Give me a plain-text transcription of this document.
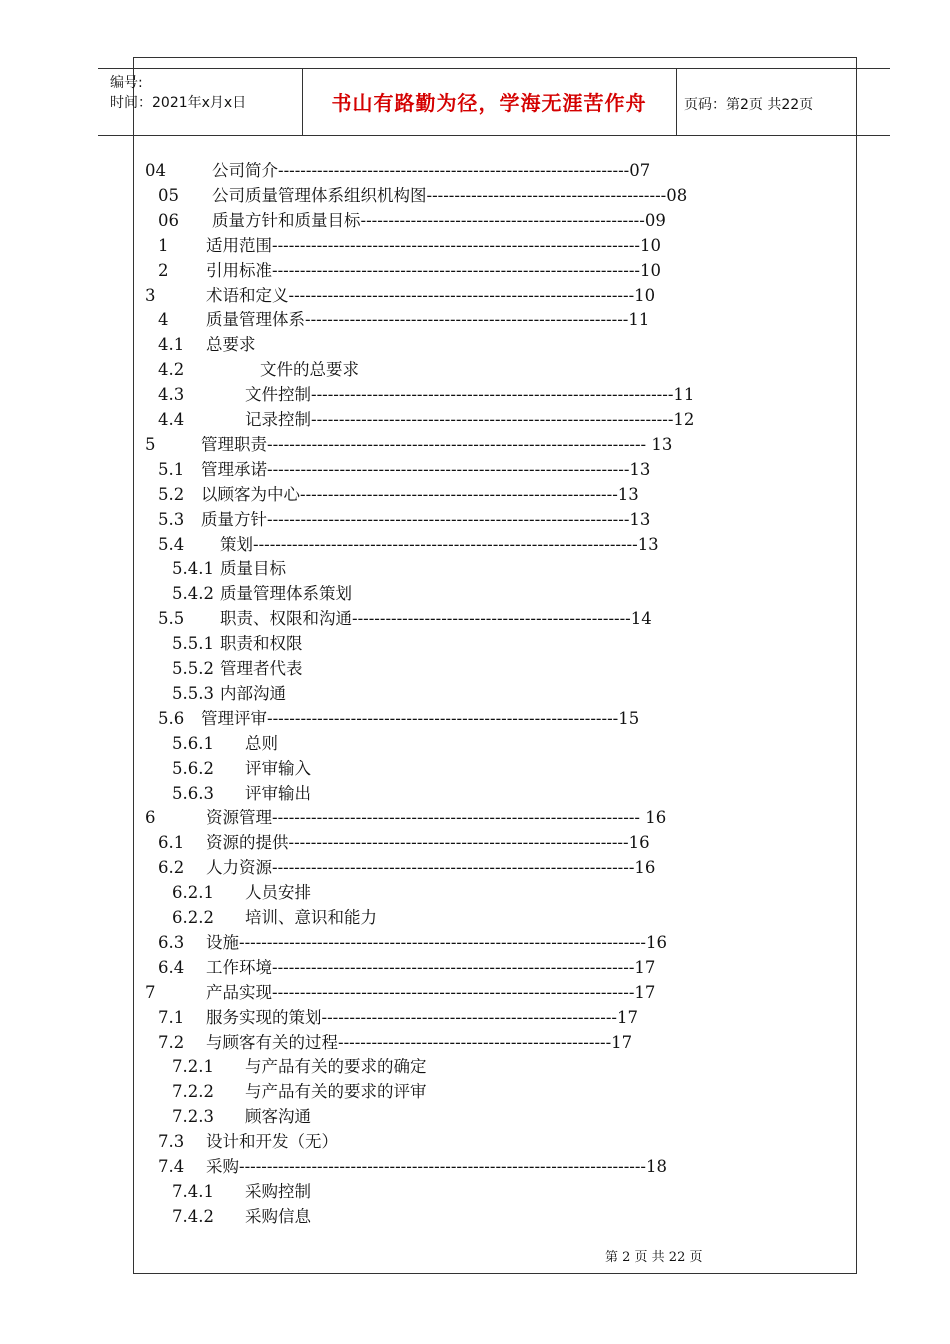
编号:
时间：2021年x月x日	书山有路勤为径，学海无涯苦作舟	页码：第2页 共22页
04	公司简介---------------------------------------------------------------07
05 公司质量管理体系组织机构图-------------------------------------------08
06 质量方针和质量目标---------------------------------------------------09
1 适用范围------------------------------------------------------------------10
2 引用标准------------------------------------------------------------------10
3	术语和定义--------------------------------------------------------------10
4 质量管理体系----------------------------------------------------------11
4.1 总要求
4.2	文件的总要求
4.3	文件控制-----------------------------------------------------------------11
4.4	记录控制-----------------------------------------------------------------12
5	管理职责-------------------------------------------------------------------- 13
5.1 管理承诺-----------------------------------------------------------------13
5.2 以顾客为中心---------------------------------------------------------13
5.3 质量方针-----------------------------------------------------------------13
5.4 策划---------------------------------------------------------------------13
5.4.1 质量目标
5.4.2 质量管理体系策划
5.5 职责、权限和沟通--------------------------------------------------14
5.5.1 职责和权限
5.5.2 管理者代表
5.5.3 内部沟通
5.6 管理评审---------------------------------------------------------------15
5.6.1 总则
5.6.2 评审输入
5.6.3 评审输出
6	资源管理------------------------------------------------------------------ 16
6.1 资源的提供-------------------------------------------------------------16
6.2 人力资源-----------------------------------------------------------------16
6.2.1 人员安排
6.2.2 培训、意识和能力
6.3 设施-------------------------------------------------------------------------16
6.4 工作环境-----------------------------------------------------------------17
7	产品实现-----------------------------------------------------------------17
7.1 服务实现的策划-----------------------------------------------------17
7.2 与顾客有关的过程-------------------------------------------------17
7.2.1 与产品有关的要求的确定
7.2.2 与产品有关的要求的评审
7.2.3 顾客沟通
7.3 设计和开发（无）
7.4 采购-------------------------------------------------------------------------18
7.4.1 采购控制
7.4.2 采购信息
第 2 页 共 22 页
